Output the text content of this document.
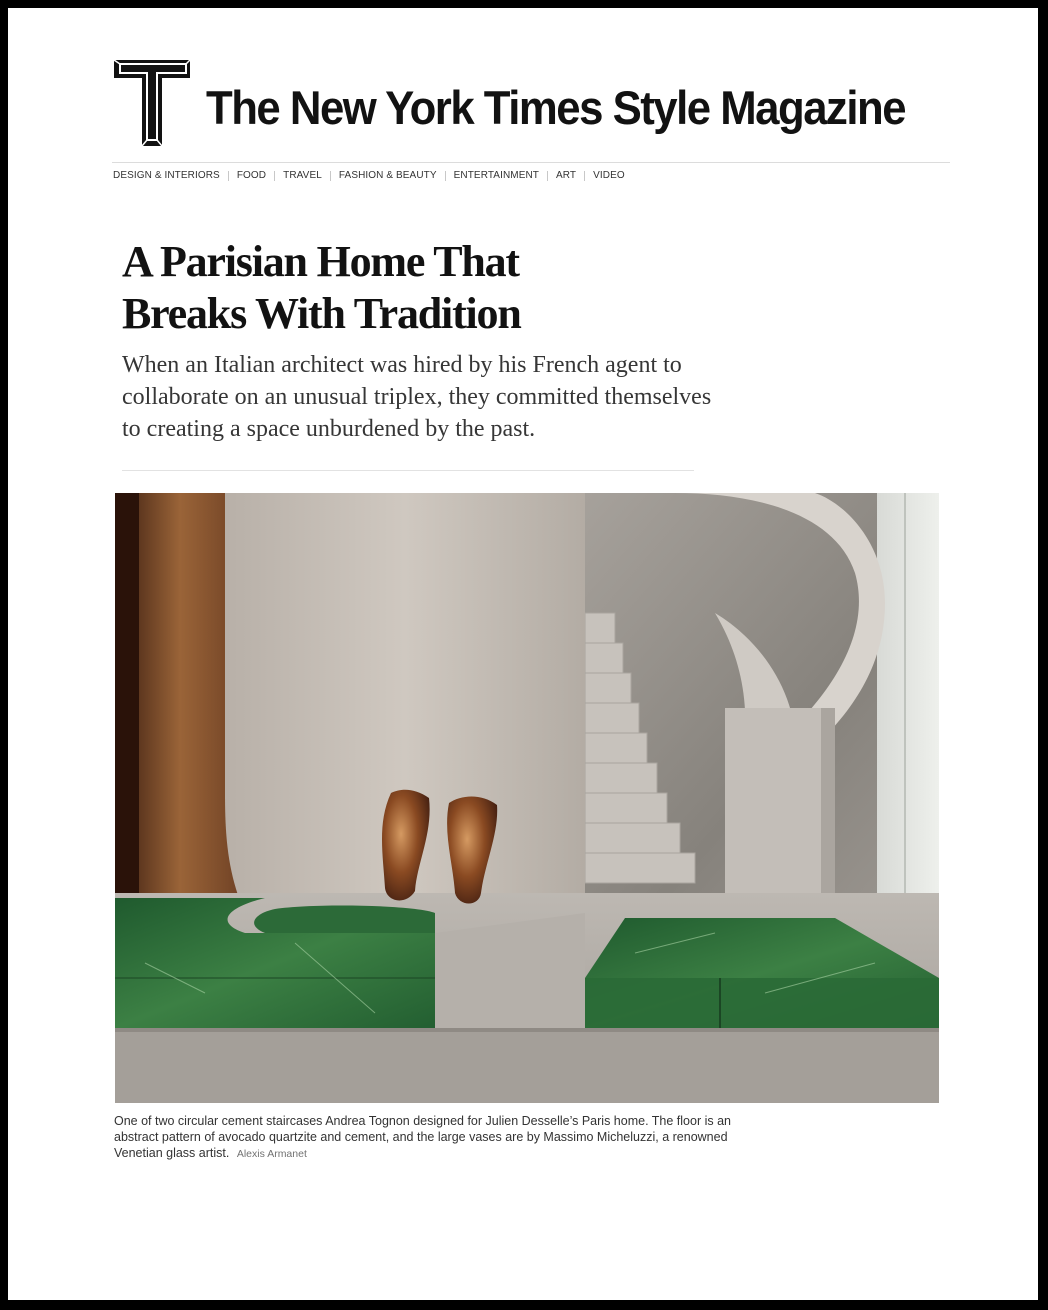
The New York Times Style Magazine
DESIGN & INTERIORS FOOD TRAVEL FASHION & BEAUTY ENTERTAINMENT ART VIDEO
A Parisian Home That
Breaks With Tradition

When an Italian architect was hired by his French agent to collaborate on an unusual triplex, they committed themselves to creating a space unburdened by the past.

One of two circular cement staircases Andrea Tognon designed for Julien Desselle’s Paris home. The floor is an abstract pattern of avocado quartzite and cement, and the large vases are by Massimo Micheluzzi, a renowned Venetian glass artist. Alexis Armanet
